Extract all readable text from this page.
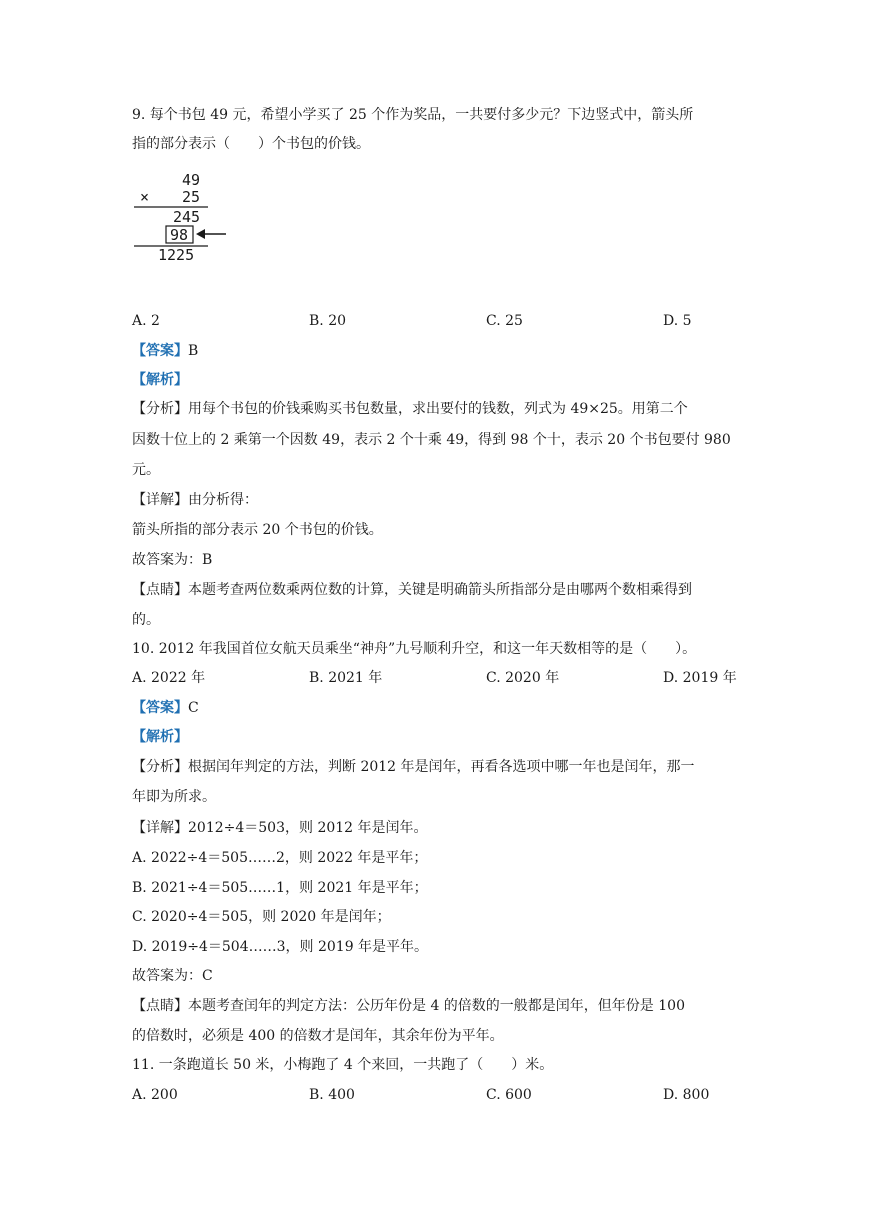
9. 每个书包 49 元，希望小学买了 25 个作为奖品，一共要付多少元？下边竖式中，箭头所
指的部分表示（　　）个书包的价钱。
49
× 25
245
98
1225
A. 2	B. 20	C. 25	D. 5
【答案】B
【解析】
【分析】用每个书包的价钱乘购买书包数量，求出要付的钱数，列式为 49×25。用第二个
因数十位上的 2 乘第一个因数 49，表示 2 个十乘 49，得到 98 个十，表示 20 个书包要付 980
元。
【详解】由分析得：
箭头所指的部分表示 20 个书包的价钱。
故答案为：B
【点睛】本题考查两位数乘两位数的计算，关键是明确箭头所指部分是由哪两个数相乘得到
的。
10. 2012 年我国首位女航天员乘坐“神舟”九号顺利升空，和这一年天数相等的是（　　）。
A. 2022 年	B. 2021 年	C. 2020 年	D. 2019 年
【答案】C
【解析】
【分析】根据闰年判定的方法，判断 2012 年是闰年，再看各选项中哪一年也是闰年，那一
年即为所求。
【详解】2012÷4＝503，则 2012 年是闰年。
A. 2022÷4＝505……2，则 2022 年是平年；
B. 2021÷4＝505……1，则 2021 年是平年；
C. 2020÷4＝505，则 2020 年是闰年；
D. 2019÷4＝504……3，则 2019 年是平年。
故答案为：C
【点睛】本题考查闰年的判定方法：公历年份是 4 的倍数的一般都是闰年，但年份是 100
的倍数时，必须是 400 的倍数才是闰年，其余年份为平年。
11. 一条跑道长 50 米，小梅跑了 4 个来回，一共跑了（　　）米。
A. 200	B. 400	C. 600	D. 800
